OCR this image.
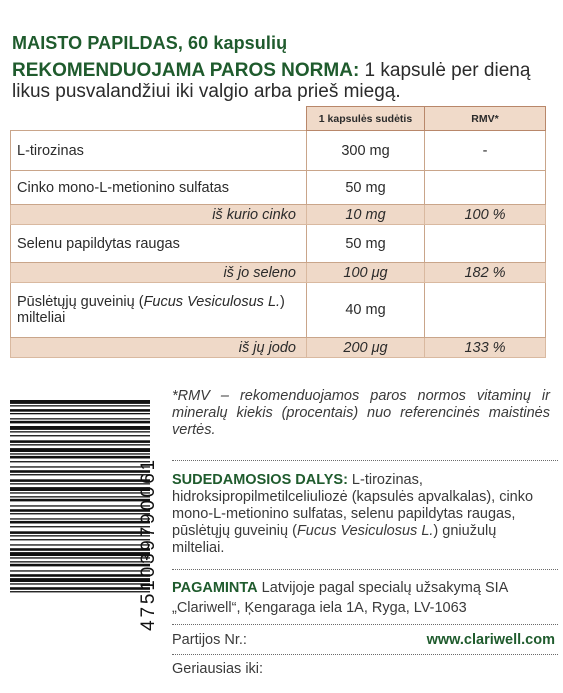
MAISTO PAPILDAS, 60 kapsulių
REKOMENDUOJAMA PAROS NORMA: 1 kapsulė per dieną likus pusvalandžiui iki valgio arba prieš miegą.
	1 kapsulės sudėtis	RMV*
L-tirozinas	300 mg	-
Cinko mono-L-metionino sulfatas	50 mg	
iš kurio cinko	10 mg	100 %
Selenu papildytas raugas	50 mg	
iš jo seleno	100 μg	182 %
Pūslėtųjų guveinių (Fucus Vesiculosus L.) milteliai	40 mg	
iš jų jodo	200 μg	133 %
4751039790061
*RMV – rekomenduojamos paros normos vitaminų ir mineralų kiekis (procentais) nuo referencinės maistinės vertės.
SUDEDAMOSIOS DALYS: L-tirozinas, hidroksipropilmetilceliuliozė (kapsulės apvalkalas), cinko mono-L-metionino sulfatas, selenu papildytas raugas, pūslėtųjų guveinių (Fucus Vesiculosus L.) gniužulų milteliai.
PAGAMINTA Latvijoje pagal specialų užsakymą SIA „Clariwell“, Ķengaraga iela 1A, Ryga, LV-1063
Partijos Nr.:	www.clariwell.com
Geriausias iki:
